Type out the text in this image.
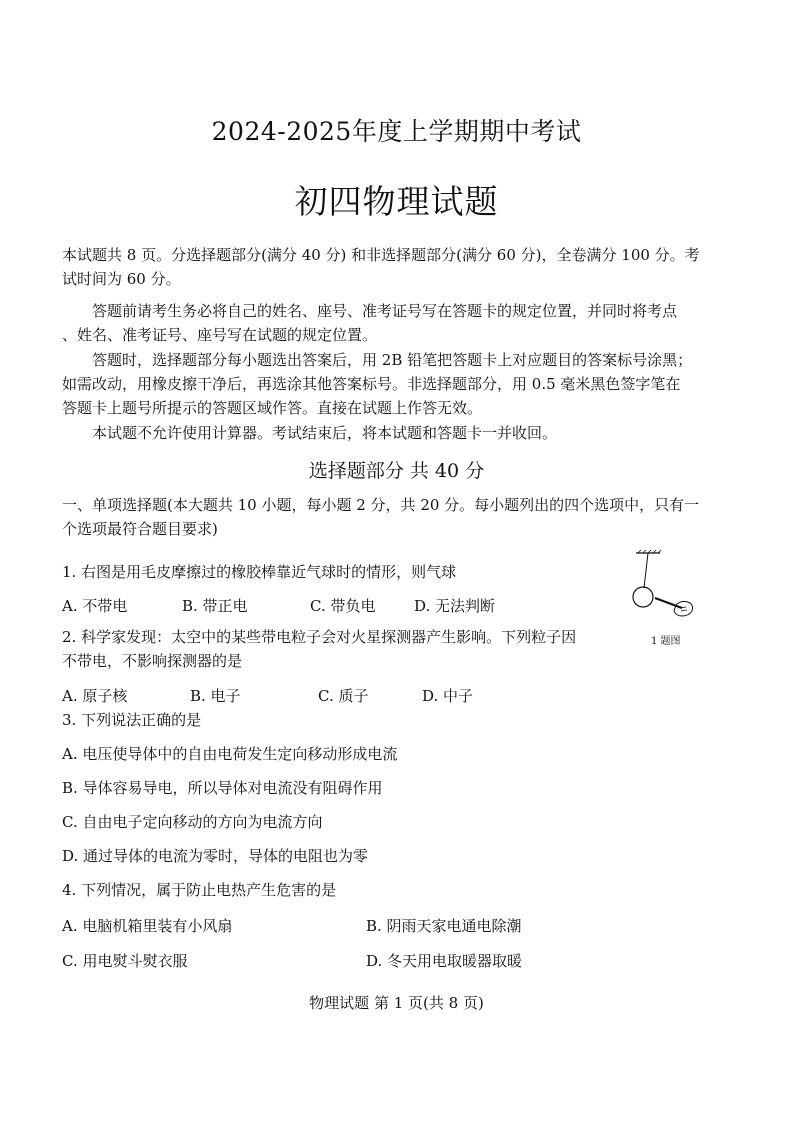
2024-2025年度上学期期中考试
初四物理试题
本试题共 8 页。分选择题部分(满分 40 分) 和非选择题部分(满分 60 分)，全卷满分 100 分。考
试时间为 60 分。
答题前请考生务必将自己的姓名、座号、准考证号写在答题卡的规定位置，并同时将考点
、姓名、准考证号、座号写在试题的规定位置。
答题时，选择题部分每小题选出答案后，用 2B 铅笔把答题卡上对应题目的答案标号涂黑；
如需改动，用橡皮擦干净后，再选涂其他答案标号。非选择题部分，用 0.5 毫米黑色签字笔在
答题卡上题号所提示的答题区域作答。直接在试题上作答无效。
本试题不允许使用计算器。考试结束后，将本试题和答题卡一并收回。
选择题部分 共 40 分
一、单项选择题(本大题共 10 小题，每小题 2 分，共 20 分。每小题列出的四个选项中，只有一
个选项最符合题目要求)
1. 右图是用毛皮摩擦过的橡胶棒靠近气球时的情形，则气球
A. 不带电	B. 带正电	C. 带负电	D. 无法判断
1 题图
2. 科学家发现：太空中的某些带电粒子会对火星探测器产生影响。下列粒子因
不带电，不影响探测器的是
A. 原子核	B. 电子	C. 质子	D. 中子
3. 下列说法正确的是
A. 电压使导体中的自由电荷发生定向移动形成电流
B. 导体容易导电，所以导体对电流没有阻碍作用
C. 自由电子定向移动的方向为电流方向
D. 通过导体的电流为零时，导体的电阻也为零
4. 下列情况，属于防止电热产生危害的是
A. 电脑机箱里装有小风扇	B. 阴雨天家电通电除潮
C. 用电熨斗熨衣服	D. 冬天用电取暖器取暖
物理试题 第 1 页(共 8 页)
